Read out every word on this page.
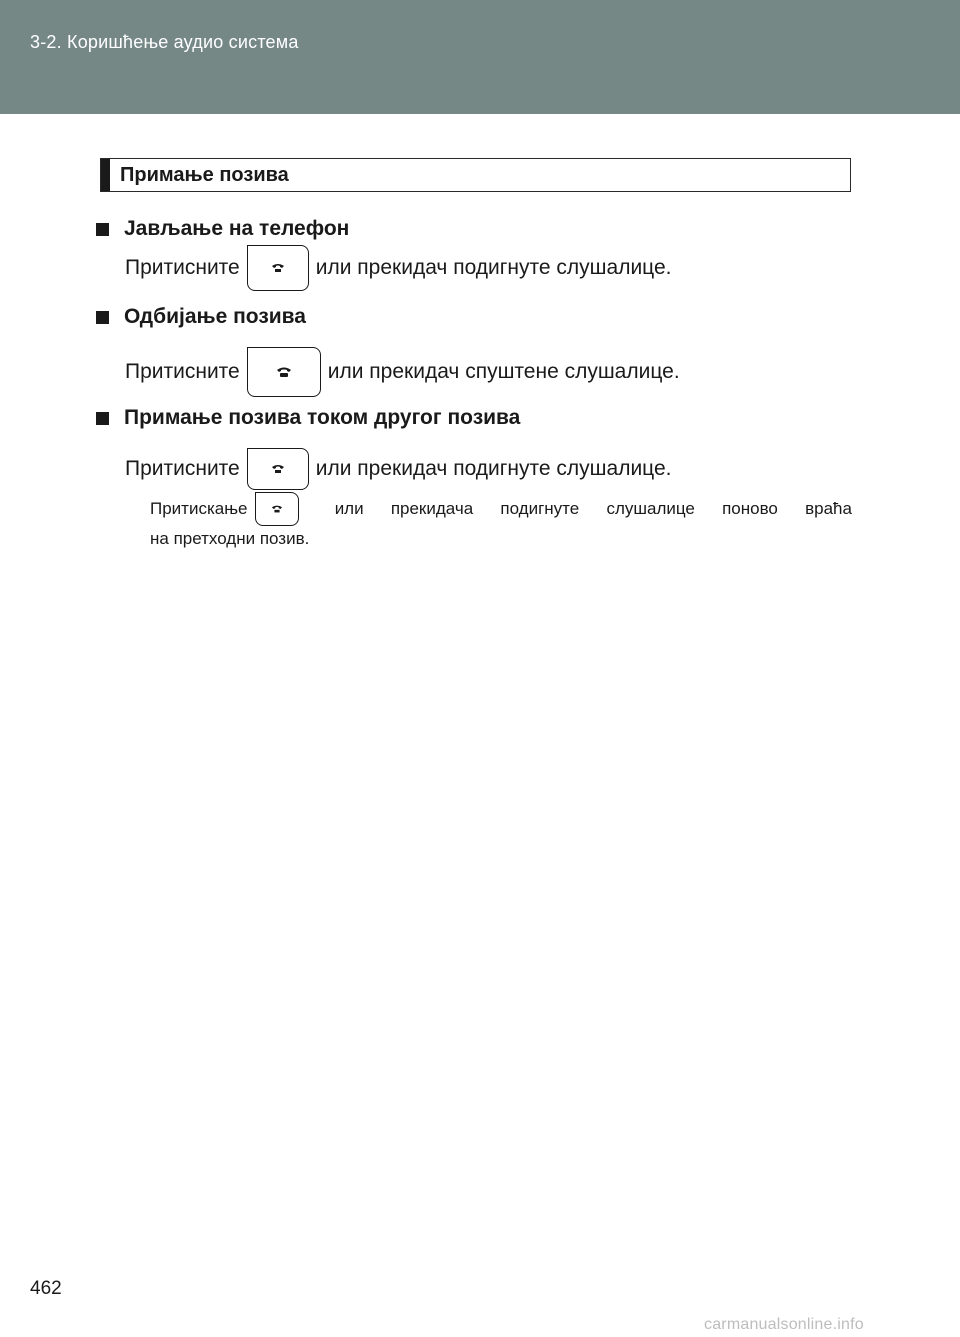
3-2. Коришћење аудио система
Примање позива
Јављање на телефон
Притисните	или прекидач подигнуте слушалице.
Одбијање позива
Притисните	или прекидач спуштене слушалице.
Примање позива током другог позива
Притисните	или прекидач подигнуте слушалице.
Притискање	или прекидача подигнуте слушалице поново враћа
на претходни позив.
462
carmanualsonline.info
